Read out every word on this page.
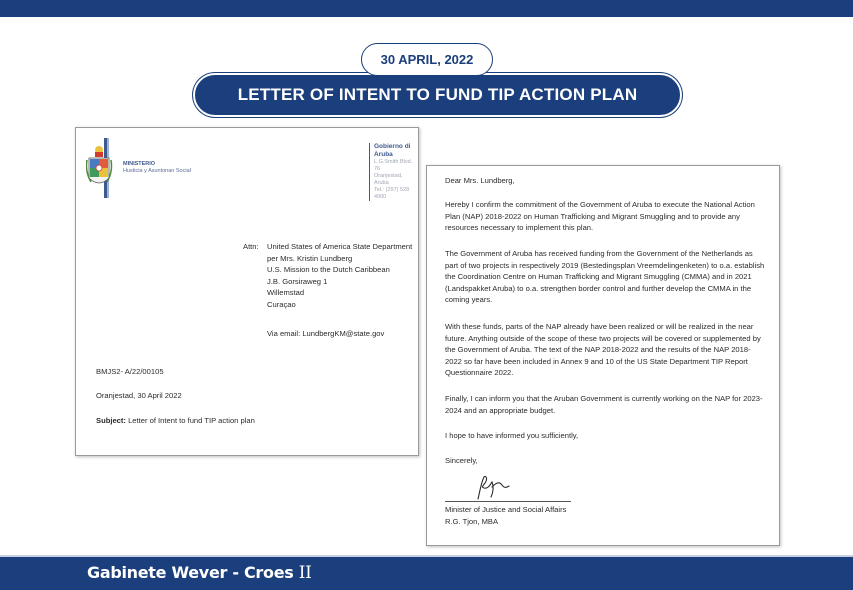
30 APRIL, 2022
LETTER OF INTENT TO FUND TIP ACTION PLAN
MINISTERIO
Husticia y Asuntonan Social
Gobierno di Aruba
L.G.Smith Blvd. 76
Oranjestad, Aruba
Tel.: (297) 528 4900
Attn: United States of America State Department
per Mrs. Kristin Lundberg
U.S. Mission to the Dutch Caribbean
J.B. Gorsiraweg 1
Willemstad
Curaçao
Via email: LundbergKM@state.gov
BMJS2- A/22/00105
Oranjestad, 30 April 2022
Subject: Letter of Intent to fund TIP action plan
Dear Mrs. Lundberg,

Hereby I confirm the commitment of the Government of Aruba to execute the National Action Plan (NAP) 2018-2022 on Human Trafficking and Migrant Smuggling and to provide any resources necessary to implement this plan.

The Government of Aruba has received funding from the Government of the Netherlands as part of two projects in respectively 2019 (Bestedingsplan Vreemdelingenketen) to o.a. establish the Coordination Centre on Human Trafficking and Migrant Smuggling (CMMA) and in 2021 (Landspakket Aruba) to o.a. strengthen border control and further develop the CMMA in the coming years.

With these funds, parts of the NAP already have been realized or will be realized in the near future. Anything outside of the scope of these two projects will be covered or supplemented by the Government of Aruba. The text of the NAP 2018-2022 and the results of the NAP 2018-2022 so far have been included in Annex 9 and 10 of the US State Department TIP Report Questionnaire 2022.

Finally, I can inform you that the Aruban Government is currently working on the NAP for 2023-2024 and an appropriate budget.

I hope to have informed you sufficiently,

Sincerely,
Minister of Justice and Social Affairs
R.G. Tjon, MBA
Gabinete Wever - Croes II
